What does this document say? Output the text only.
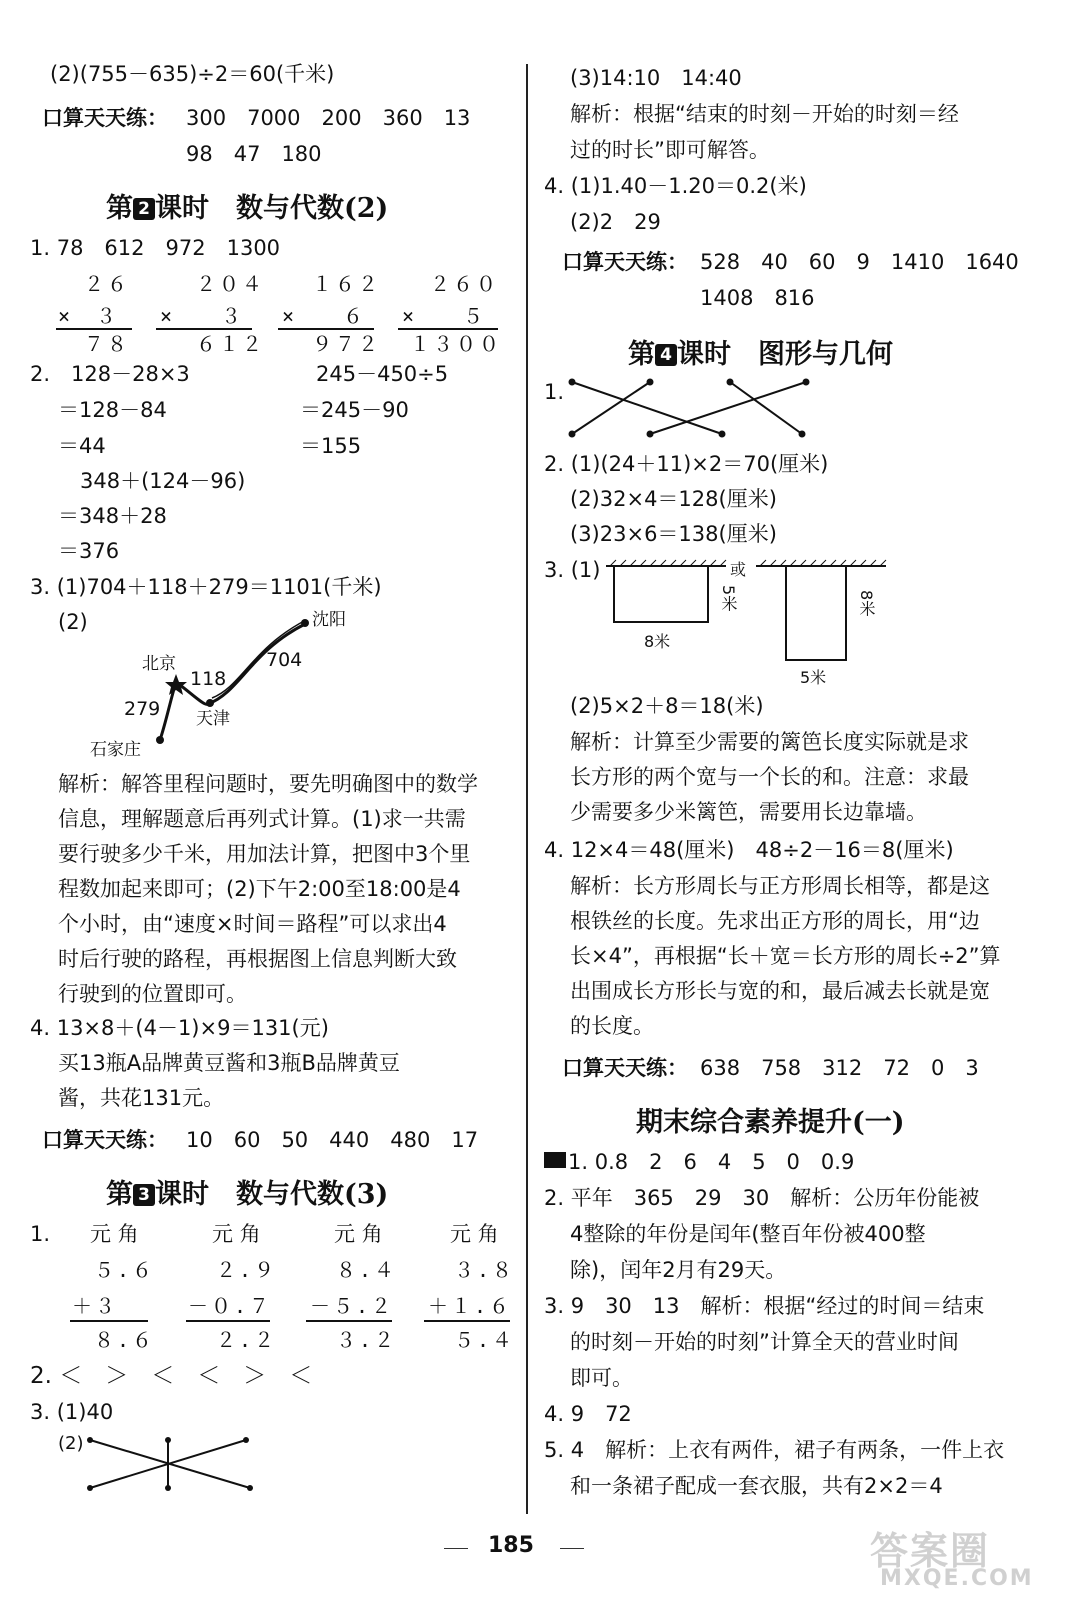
(2)(755－635)÷2＝60(千米)
口算天天练： 300　7000　200　360　13
98　47　180
第 2 课时　数与代数(2)
1. 78　612　972　1300
２６
×　３
７８
２０４
×　　３
６１２
１６２
×　　６
９７２
２６０
×　　５
１３００
2.　128－28×3
＝128－84
＝44
245－450÷5
＝245－90
＝155
348＋(124－96)
＝348＋28
＝376
3. (1)704＋118＋279＝1101(千米)
(2)	沈阳
北京
118
704
279 天津
石家庄
解析：解答里程问题时，要先明确图中的数学
信息，理解题意后再列式计算。(1)求一共需
要行驶多少千米，用加法计算，把图中3个里
程数加起来即可；(2)下午2:00至18:00是4
个小时，由“速度×时间＝路程”可以求出4
时后行驶的路程，再根据图上信息判断大致
行驶到的位置即可。
4. 13×8＋(4－1)×9＝131(元)
买13瓶A品牌黄豆酱和3瓶B品牌黄豆
酱，共花131元。
口算天天练： 10　60　50　440　480　17
第 3 课时　数与代数(3)
1. 元 角	元 角	元 角	元 角
５.６
＋３
８.６
２.９
－０.７
２.２
８.４
－５.２
３.２
３.８
＋１.６
５.４
2. ＜　＞　＜　＜　＞　＜
3. (1)40
(2)
(3)14:10　14:40
解析：根据“结束的时刻－开始的时刻＝经
过的时长”即可解答。
4. (1)1.40－1.20＝0.2(米)
(2)2　29
口算天天练： 528　40　60　9　1410　1640
1408　816
第 4 课时　图形与几何
1.
2. (1)(24＋11)×2＝70(厘米)
(2)32×4＝128(厘米)
(3)23×6＝138(厘米)
3. (1)	或
5米
8米
8米
5米
(2)5×2＋8＝18(米)
解析：计算至少需要的篱笆长度实际就是求
长方形的两个宽与一个长的和。注意：求最
少需要多少米篱笆，需要用长边靠墙。
4. 12×4＝48(厘米)　48÷2－16＝8(厘米)
解析：长方形周长与正方形周长相等，都是这
根铁丝的长度。先求出正方形的周长，用“边
长×4”，再根据“长＋宽＝长方形的周长÷2”算
出围成长方形长与宽的和，最后减去长就是宽
的长度。
口算天天练： 638　758　312　72　0　3
期末综合素养提升(一)
1. 0.8　2　6　4　5　0　0.9
2. 平年　365　29　30　解析：公历年份能被
4整除的年份是闰年(整百年份被400整
除)，闰年2月有29天。
3. 9　30　13　解析：根据“经过的时间＝结束
的时刻－开始的时刻”计算全天的营业时间
即可。
4. 9　72
5. 4　解析：上衣有两件，裙子有两条，一件上衣
和一条裙子配成一套衣服，共有2×2＝4
185	答案圈
MXQE.COM
